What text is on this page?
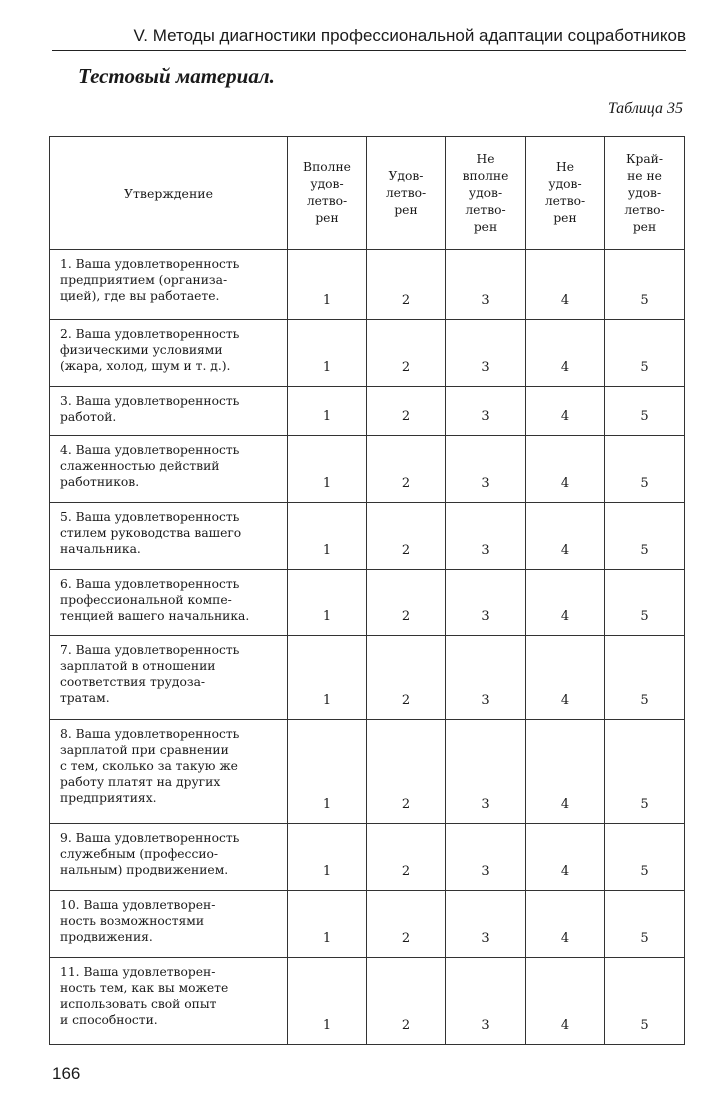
V. Методы диагностики профессиональной адаптации соцработников
Тестовый материал.
Таблица 35
Утверждение	Вполне
удов-
летво-
рен	Удов-
летво-
рен	Не
вполне
удов-
летво-
рен	Не
удов-
летво-
рен	Край-
не не
удов-
летво-
рен

1. Ваша удовлетворенность
предприятием (организа-
цией), где вы работаете.	1	2	3	4	5
2. Ваша удовлетворенность
физическими условиями
(жара, холод, шум и т. д.).	1	2	3	4	5
3. Ваша удовлетворенность
работой.	1	2	3	4	5
4. Ваша удовлетворенность
слаженностью действий
работников.	1	2	3	4	5
5. Ваша удовлетворенность
стилем руководства вашего
начальника.	1	2	3	4	5
6. Ваша удовлетворенность
профессиональной компе-
тенцией вашего начальника.	1	2	3	4	5
7. Ваша удовлетворенность
зарплатой в отношении
соответствия трудоза-
тратам.	1	2	3	4	5
8. Ваша удовлетворенность
зарплатой при сравнении
с тем, сколько за такую же
работу платят на других
предприятиях.	1	2	3	4	5
9. Ваша удовлетворенность
служебным (профессио-
нальным) продвижением.	1	2	3	4	5
10. Ваша удовлетворен-
ность возможностями
продвижения.	1	2	3	4	5
11. Ваша удовлетворен-
ность тем, как вы можете
использовать свой опыт
и способности.	1	2	3	4	5
166
